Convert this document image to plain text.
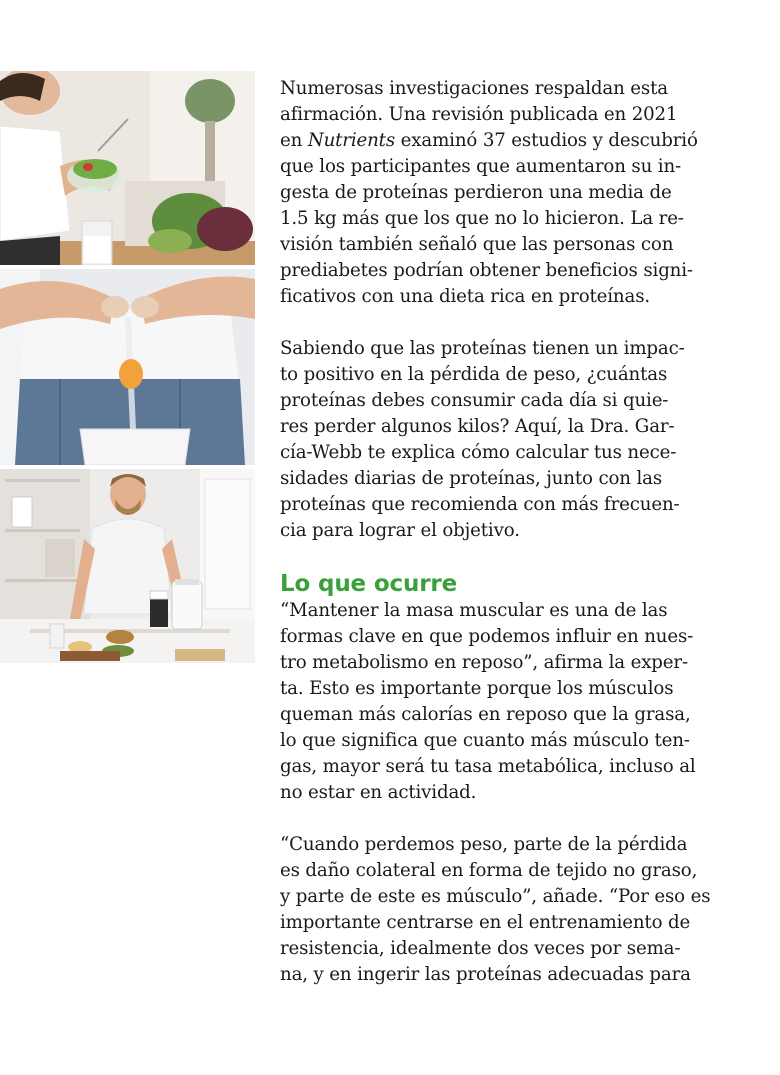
Numerosas investigaciones respaldan esta
afirmación. Una revisión publicada en 2021
en Nutrients examinó 37 estudios y descubrió
que los participantes que aumentaron su in-
gesta de proteínas perdieron una media de
1.5 kg más que los que no lo hicieron. La re-
visión también señaló que las personas con
prediabetes podrían obtener beneficios signi-
ficativos con una dieta rica en proteínas.

Sabiendo que las proteínas tienen un impac-
to positivo en la pérdida de peso, ¿cuántas
proteínas debes consumir cada día si quie-
res perder algunos kilos? Aquí, la Dra. Gar-
cía-Webb te explica cómo calcular tus nece-
sidades diarias de proteínas, junto con las
proteínas que recomienda con más frecuen-
cia para lograr el objetivo.

Lo que ocurre

“Mantener la masa muscular es una de las
formas clave en que podemos influir en nues-
tro metabolismo en reposo”, afirma la exper-
ta. Esto es importante porque los músculos
queman más calorías en reposo que la grasa,
lo que significa que cuanto más músculo ten-
gas, mayor será tu tasa metabólica, incluso al
no estar en actividad.

“Cuando perdemos peso, parte de la pérdida
es daño colateral en forma de tejido no graso,
y parte de este es músculo”, añade. “Por eso es
importante centrarse en el entrenamiento de
resistencia, idealmente dos veces por sema-
na, y en ingerir las proteínas adecuadas para
